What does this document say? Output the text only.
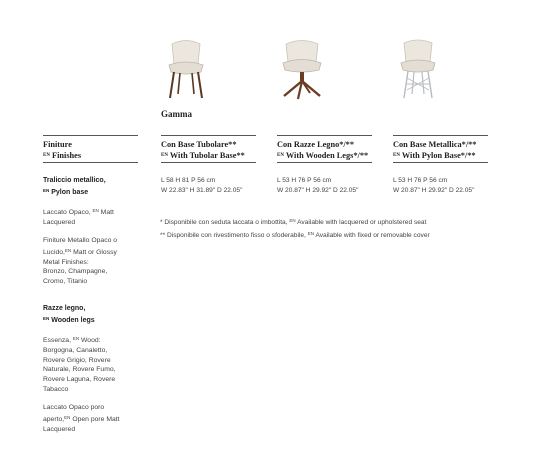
Gamma
Finiture
$^{EN}$ Finishes
Con Base Tubolare**
$^{EN}$ With Tubolar Base**
Con Razze Legno*/**
$^{EN}$ With Wooden Legs*/**
Con Base Metallica*/**
$^{EN}$ With Pylon Base*/**
L 58 H 81 P 56 cm
W 22.83" H 31.89" D 22.05"
L 53 H 76 P 56 cm
W 20.87" H 29.92" D 22.05"
L 53 H 76 P 56 cm
W 20.87" H 29.92" D 22.05"
* Disponibile con seduta laccata o imbottita, $^{EN}$ Available with lacquered or upholstered seat
** Disponibile con rivestimento fisso o sfoderabile, $^{EN}$ Available with fixed or removable cover
Traliccio metallico,
$^{EN}$ Pylon base
Laccato Opaco, $^{EN}$ Matt Lacquered
Finiture Metallo Opaco o
Lucido,$^{EN}$ Matt or Glossy
Metal Finishes:
Bronzo, Champagne,
Cromo, Titanio
Razze legno,
$^{EN}$ Wooden legs
Essenza, $^{EN}$ Wood:
Borgogna, Canaletto,
Rovere Grigio, Rovere
Naturale, Rovere Fumo,
Rovere Laguna, Rovere
Tabacco
Laccato Opaco poro
aperto,$^{EN}$ Open pore Matt
Lacquered
